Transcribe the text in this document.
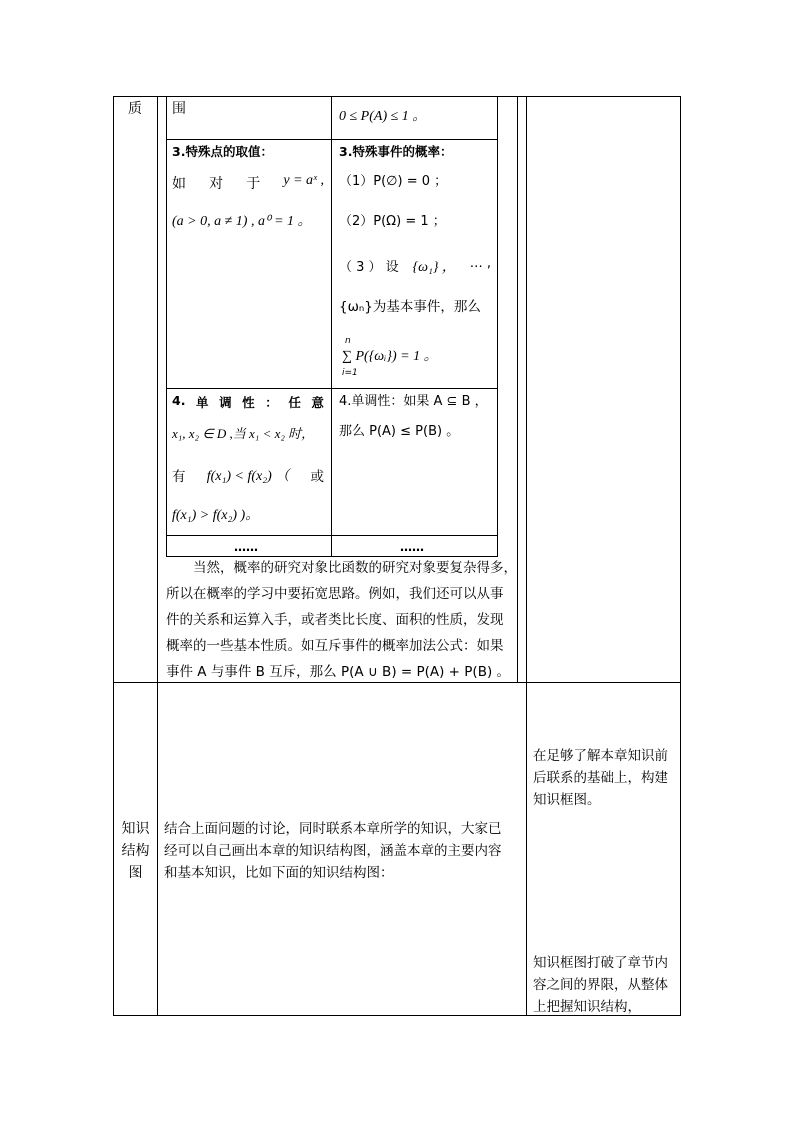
质 围	0 ≤ P(A) ≤ 1 。
3.特殊点的取值：
如 对 于 y = aˣ ,
(a > 0, a ≠ 1) , a⁰ = 1 。
3.特殊事件的概率：
（1）P(∅) = 0 ；
（2）P(Ω) = 1 ；
（ 3 ） 设 {ω₁} ， … ,
{ωₙ}为基本事件，那么
n
∑ P({ωᵢ}) = 1 。
i=1
4. 单 调 性 ： 任 意
x₁, x₂ ∈ D ,当 x₁ < x₂ 时，
有 f(x₁) < f(x₂) （ 或
f(x₁) > f(x₂) )。
4.单调性：如果 A ⊆ B ，
那么 P(A) ≤ P(B) 。
……	……
当然，概率的研究对象比函数的研究对象要复杂得多，
所以在概率的学习中要拓宽思路。例如，我们还可以从事
件的关系和运算入手，或者类比长度、面积的性质，发现
概率的一些基本性质。如互斥事件的概率加法公式：如果
事件 A 与事件 B 互斥，那么 P(A ∪ B) = P(A) + P(B) 。
知识
结构
图
结合上面问题的讨论，同时联系本章所学的知识，大家已
经可以自己画出本章的知识结构图，涵盖本章的主要内容
和基本知识，比如下面的知识结构图：
在足够了解本章知识前
后联系的基础上，构建
知识框图。
知识框图打破了章节内
容之间的界限，从整体
上把握知识结构，
